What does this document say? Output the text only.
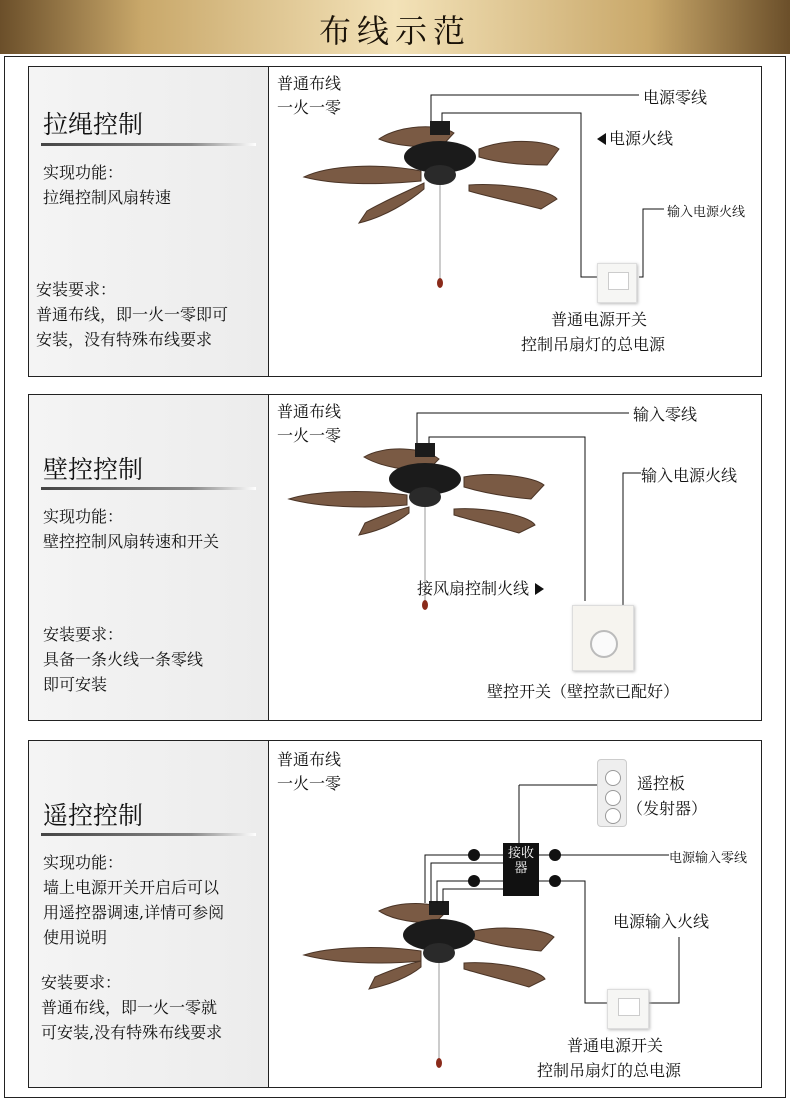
布线示范
拉绳控制
实现功能：
拉绳控制风扇转速
安装要求：
普通布线，即一火一零即可
安装，没有特殊布线要求
普通布线
一火一零
电源零线
电源火线
输入电源火线
普通电源开关
控制吊扇灯的总电源
壁控控制
实现功能：
壁控控制风扇转速和开关
安装要求：
具备一条火线一条零线
即可安装
普通布线
一火一零
输入零线
输入电源火线
接风扇控制火线
壁控开关（壁控款已配好）
遥控控制
实现功能：
墙上电源开关开启后可以
用遥控器调速,详情可参阅
使用说明
安装要求：
普通布线，即一火一零就
可安装,没有特殊布线要求
普通布线
一火一零
接收器
遥控板
（发射器）
电源输入零线
电源输入火线
普通电源开关
控制吊扇灯的总电源
